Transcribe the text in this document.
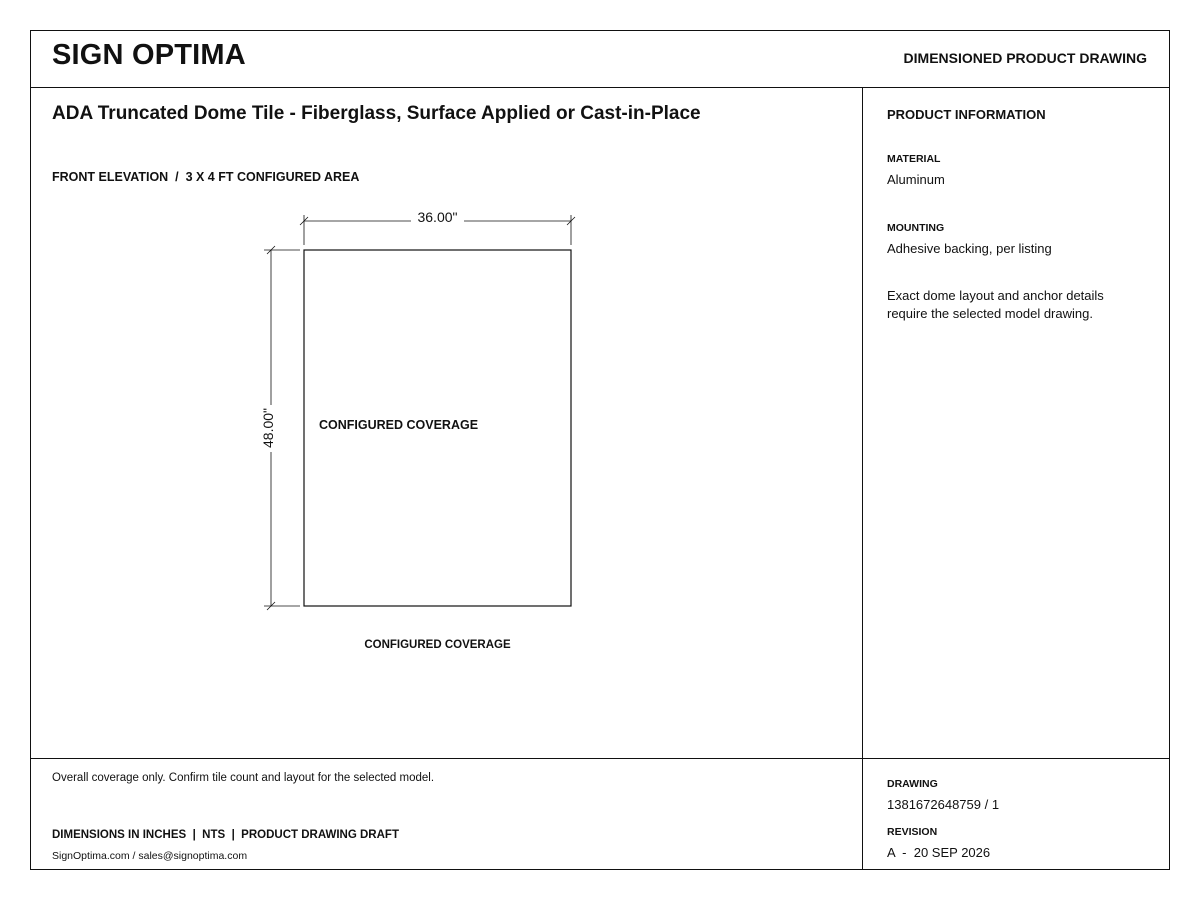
SIGN OPTIMA	DIMENSIONED PRODUCT DRAWING
ADA Truncated Dome Tile - Fiberglass, Surface Applied or Cast-in-Place
FRONT ELEVATION  /  3 X 4 FT CONFIGURED AREA
36.00"
48.00"	CONFIGURED COVERAGE
CONFIGURED COVERAGE
PRODUCT INFORMATION
MATERIAL
Aluminum
MOUNTING
Adhesive backing, per listing
Exact dome layout and anchor details
require the selected model drawing.
Overall coverage only. Confirm tile count and layout for the selected model.
DIMENSIONS IN INCHES  |  NTS  |  PRODUCT DRAWING DRAFT
SignOptima.com / sales@signoptima.com
DRAWING
1381672648759 / 1
REVISION
A  -  20 SEP 2026
